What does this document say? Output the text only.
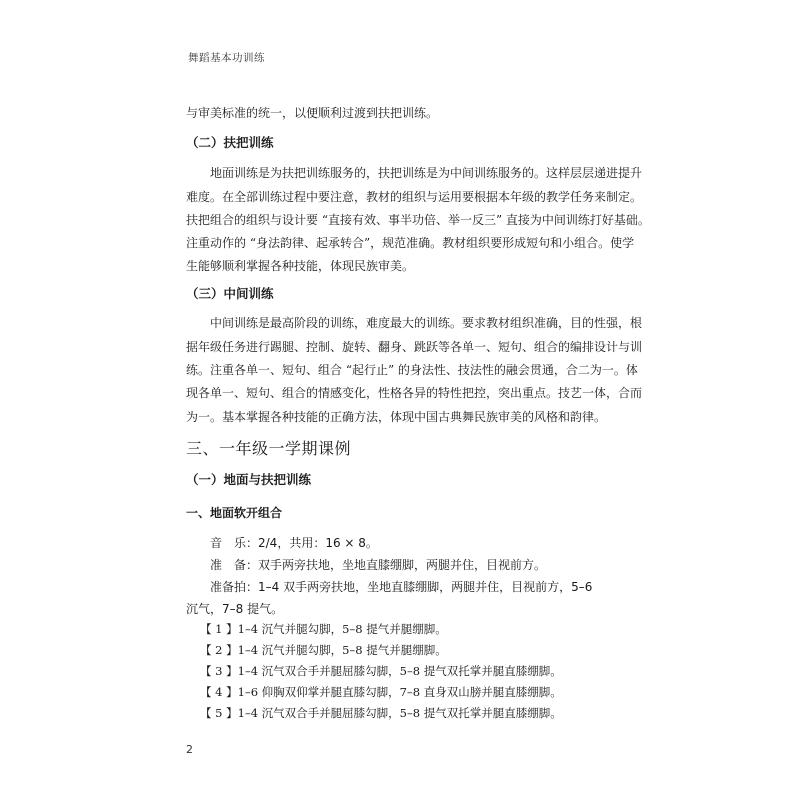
舞蹈基本功训练
与审美标准的统一，以便顺利过渡到扶把训练。
（二）扶把训练
地面训练是为扶把训练服务的，扶把训练是为中间训练服务的。这样层层递进提升
难度。在全部训练过程中要注意，教材的组织与运用要根据本年级的教学任务来制定。
扶把组合的组织与设计要 “直接有效、事半功倍、举一反三” 直接为中间训练打好基础。
注重动作的 “身法韵律、起承转合”，规范准确。教材组织要形成短句和小组合。使学
生能够顺利掌握各种技能，体现民族审美。
（三）中间训练
中间训练是最高阶段的训练，难度最大的训练。要求教材组织准确，目的性强，根
据年级任务进行踢腿、控制、旋转、翻身、跳跃等各单一、短句、组合的编排设计与训
练。注重各单一、短句、组合 “起行止” 的身法性、技法性的融会贯通，合二为一。体
现各单一、短句、组合的情感变化，性格各异的特性把控，突出重点。技艺一体，合而
为一。基本掌握各种技能的正确方法，体现中国古典舞民族审美的风格和韵律。
三、一年级一学期课例
（一）地面与扶把训练
一、地面软开组合
音　乐：2/4，共用：16 × 8。
准　备：双手两旁扶地，坐地直膝绷脚，两腿并住，目视前方。
准备拍：1–4 双手两旁扶地，坐地直膝绷脚，两腿并住，目视前方，5–6
沉气，7–8 提气。
【 1 】1–4 沉气并腿勾脚，5–8 提气并腿绷脚。
【 2 】1–4 沉气并腿勾脚，5–8 提气并腿绷脚。
【 3 】1–4 沉气双合手并腿屈膝勾脚，5–8 提气双托掌并腿直膝绷脚。
【 4 】1–6 仰胸双仰掌并腿直膝勾脚，7–8 直身双山膀并腿直膝绷脚。
【 5 】1–4 沉气双合手并腿屈膝勾脚，5–8 提气双托掌并腿直膝绷脚。
2
